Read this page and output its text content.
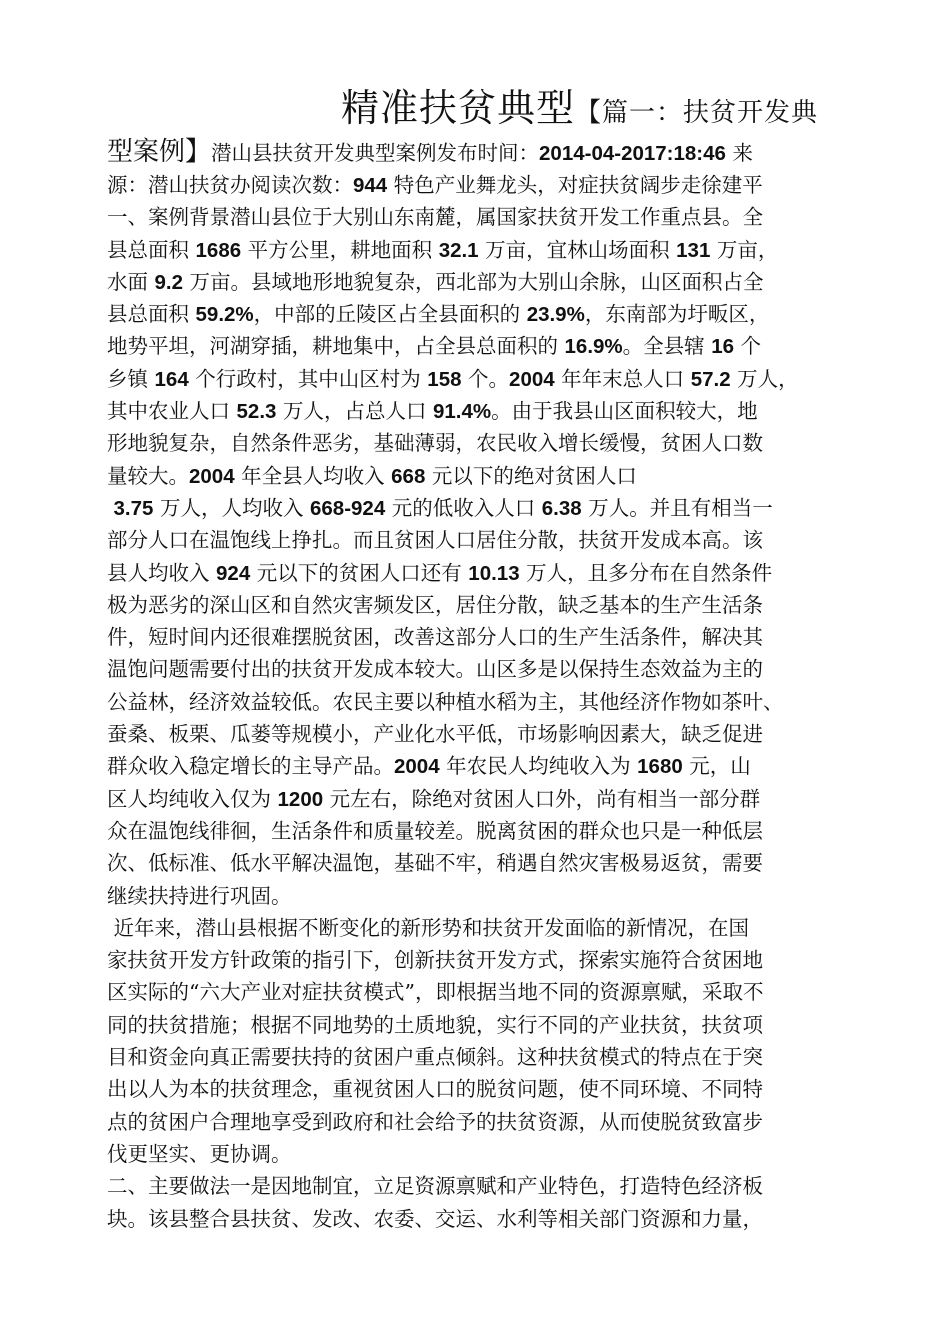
精准扶贫典型【篇一：扶贫开发典
型案例】潜山县扶贫开发典型案例发布时间：2014-04-2017:18:46 来
源：潜山扶贫办阅读次数：944 特色产业舞龙头，对症扶贫阔步走徐建平
一、案例背景潜山县位于大别山东南麓，属国家扶贫开发工作重点县。全
县总面积 1686 平方公里，耕地面积 32.1 万亩，宜林山场面积 131 万亩，
水面 9.2 万亩。县域地形地貌复杂，西北部为大别山余脉，山区面积占全
县总面积 59.2%，中部的丘陵区占全县面积的 23.9%，东南部为圩畈区，
地势平坦，河湖穿插，耕地集中，占全县总面积的 16.9%。全县辖 16 个
乡镇 164 个行政村，其中山区村为 158 个。2004 年年末总人口 57.2 万人，
其中农业人口 52.3 万人，占总人口 91.4%。由于我县山区面积较大，地
形地貌复杂，自然条件恶劣，基础薄弱，农民收入增长缓慢，贫困人口数
量较大。2004 年全县人均收入 668 元以下的绝对贫困人口
3.75 万人，人均收入 668-924 元的低收入人口 6.38 万人。并且有相当一
部分人口在温饱线上挣扎。而且贫困人口居住分散，扶贫开发成本高。该
县人均收入 924 元以下的贫困人口还有 10.13 万人，且多分布在自然条件
极为恶劣的深山区和自然灾害频发区，居住分散，缺乏基本的生产生活条
件，短时间内还很难摆脱贫困，改善这部分人口的生产生活条件，解决其
温饱问题需要付出的扶贫开发成本较大。山区多是以保持生态效益为主的
公益林，经济效益较低。农民主要以种植水稻为主，其他经济作物如茶叶、
蚕桑、板栗、瓜蒌等规模小，产业化水平低，市场影响因素大，缺乏促进
群众收入稳定增长的主导产品。2004 年农民人均纯收入为 1680 元，山
区人均纯收入仅为 1200 元左右，除绝对贫困人口外，尚有相当一部分群
众在温饱线徘徊，生活条件和质量较差。脱离贫困的群众也只是一种低层
次、低标准、低水平解决温饱，基础不牢，稍遇自然灾害极易返贫，需要
继续扶持进行巩固。
近年来，潜山县根据不断变化的新形势和扶贫开发面临的新情况，在国
家扶贫开发方针政策的指引下，创新扶贫开发方式，探索实施符合贫困地
区实际的“六大产业对症扶贫模式”，即根据当地不同的资源禀赋，采取不
同的扶贫措施；根据不同地势的土质地貌，实行不同的产业扶贫，扶贫项
目和资金向真正需要扶持的贫困户重点倾斜。这种扶贫模式的特点在于突
出以人为本的扶贫理念，重视贫困人口的脱贫问题，使不同环境、不同特
点的贫困户合理地享受到政府和社会给予的扶贫资源，从而使脱贫致富步
伐更坚实、更协调。
二、主要做法一是因地制宜，立足资源禀赋和产业特色，打造特色经济板
块。该县整合县扶贫、发改、农委、交运、水利等相关部门资源和力量，
